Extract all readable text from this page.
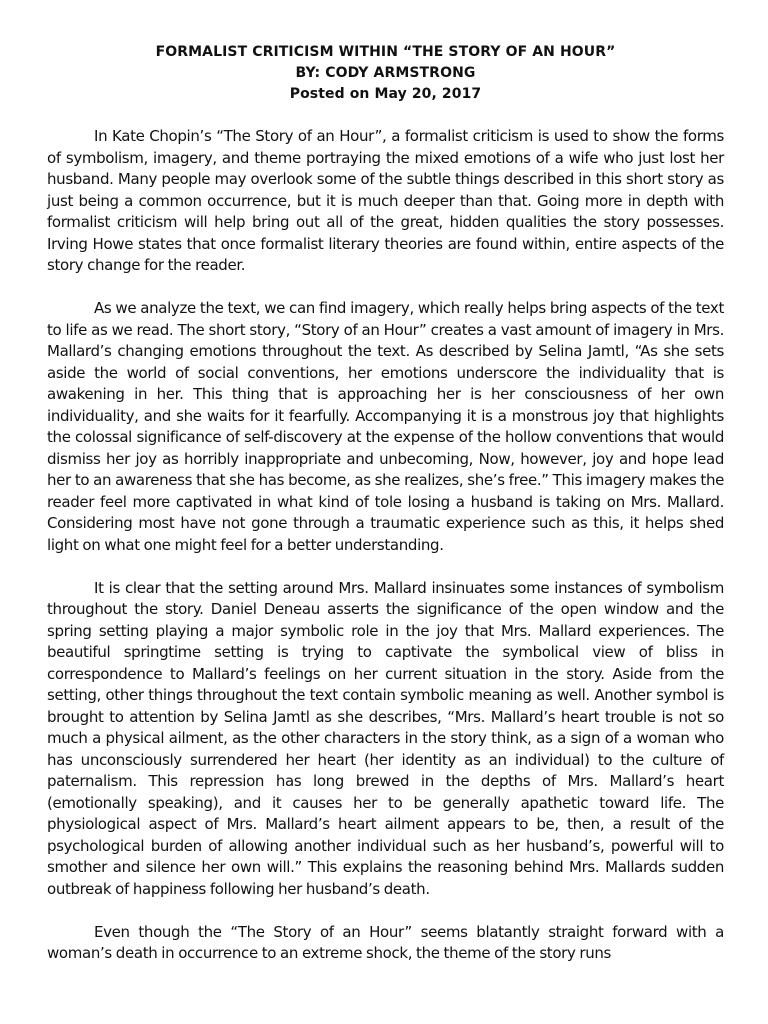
FORMALIST CRITICISM WITHIN “THE STORY OF AN HOUR”
BY: CODY ARMSTRONG
Posted on May 20, 2017

In Kate Chopin’s “The Story of an Hour”, a formalist criticism is used to show the forms of symbolism, imagery, and theme portraying the mixed emotions of a wife who just lost her husband. Many people may overlook some of the subtle things described in this short story as just being a common occurrence, but it is much deeper than that. Going more in depth with formalist criticism will help bring out all of the great, hidden qualities the story possesses. Irving Howe states that once formalist literary theories are found within, entire aspects of the story change for the reader.

As we analyze the text, we can find imagery, which really helps bring aspects of the text to life as we read. The short story, “Story of an Hour” creates a vast amount of imagery in Mrs. Mallard’s changing emotions throughout the text. As described by Selina Jamtl, “As she sets aside the world of social conventions, her emotions underscore the individuality that is awakening in her. This thing that is approaching her is her consciousness of her own individuality, and she waits for it fearfully. Accompanying it is a monstrous joy that highlights the colossal significance of self-discovery at the expense of the hollow conventions that would dismiss her joy as horribly inappropriate and unbecoming, Now, however, joy and hope lead her to an awareness that she has become, as she realizes, she’s free.” This imagery makes the reader feel more captivated in what kind of tole losing a husband is taking on Mrs. Mallard. Considering most have not gone through a traumatic experience such as this, it helps shed light on what one might feel for a better understanding.

It is clear that the setting around Mrs. Mallard insinuates some instances of symbolism throughout the story. Daniel Deneau asserts the significance of the open window and the spring setting playing a major symbolic role in the joy that Mrs. Mallard experiences. The beautiful springtime setting is trying to captivate the symbolical view of bliss in correspondence to Mallard’s feelings on her current situation in the story. Aside from the setting, other things throughout the text contain symbolic meaning as well. Another symbol is brought to attention by Selina Jamtl as she describes, “Mrs. Mallard’s heart trouble is not so much a physical ailment, as the other characters in the story think, as a sign of a woman who has unconsciously surrendered her heart (her identity as an individual) to the culture of paternalism. This repression has long brewed in the depths of Mrs. Mallard’s heart (emotionally speaking), and it causes her to be generally apathetic toward life. The physiological aspect of Mrs. Mallard’s heart ailment appears to be, then, a result of the psychological burden of allowing another individual such as her husband’s, powerful will to smother and silence her own will.” This explains the reasoning behind Mrs. Mallards sudden outbreak of happiness following her husband’s death.

Even though the “The Story of an Hour” seems blatantly straight forward with a woman’s death in occurrence to an extreme shock, the theme of the story runs
